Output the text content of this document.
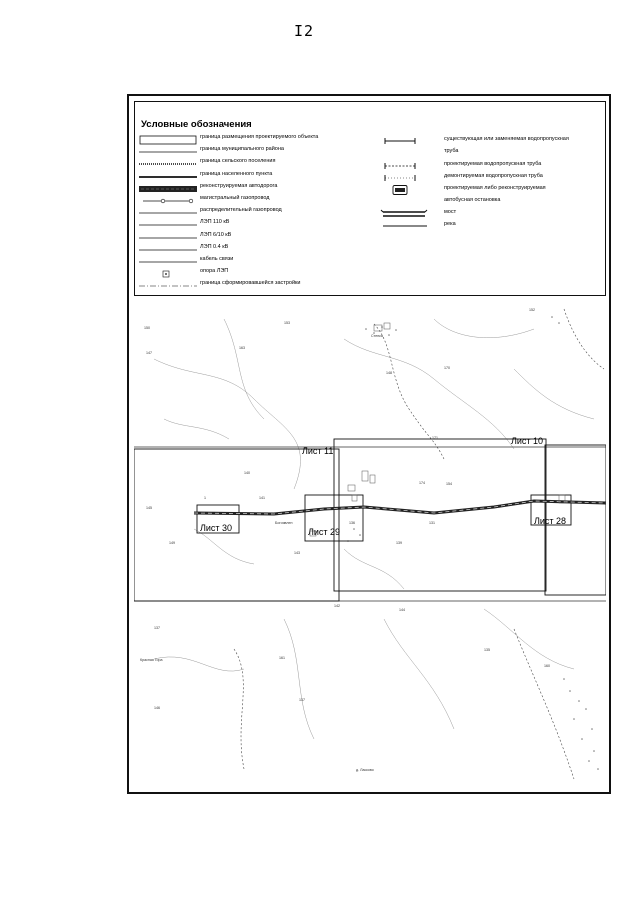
I2
Условные обозначения
граница размещения проектируемого объекта
граница муниципального района
граница сельского поселения
граница населенного пункта
реконструируемая автодорога
магистральный газопровод
распределительный газопровод
ЛЭП 110 кВ
ЛЭП 6/10 кВ
ЛЭП 0.4 кВ
кабель связи
опора ЛЭП
граница сформировавшейся застройки
существующая или заменяемая водопропускная
труба
проектируемая водопропускная труба
демонтируемая водопропускная труба
проектируемая либо реконструируемая
автобусная остановка
мост
река
Лист 11
Лист 10
Лист 30	Лист 29
Лист 28
Стенка
Богоявлен
Красная Гора
д. Ласково
150
153
147
163
170
152
145
141
148
140
171
154
174
149
143
136	131
139
142
144
135
161
160
137
146
137
1
